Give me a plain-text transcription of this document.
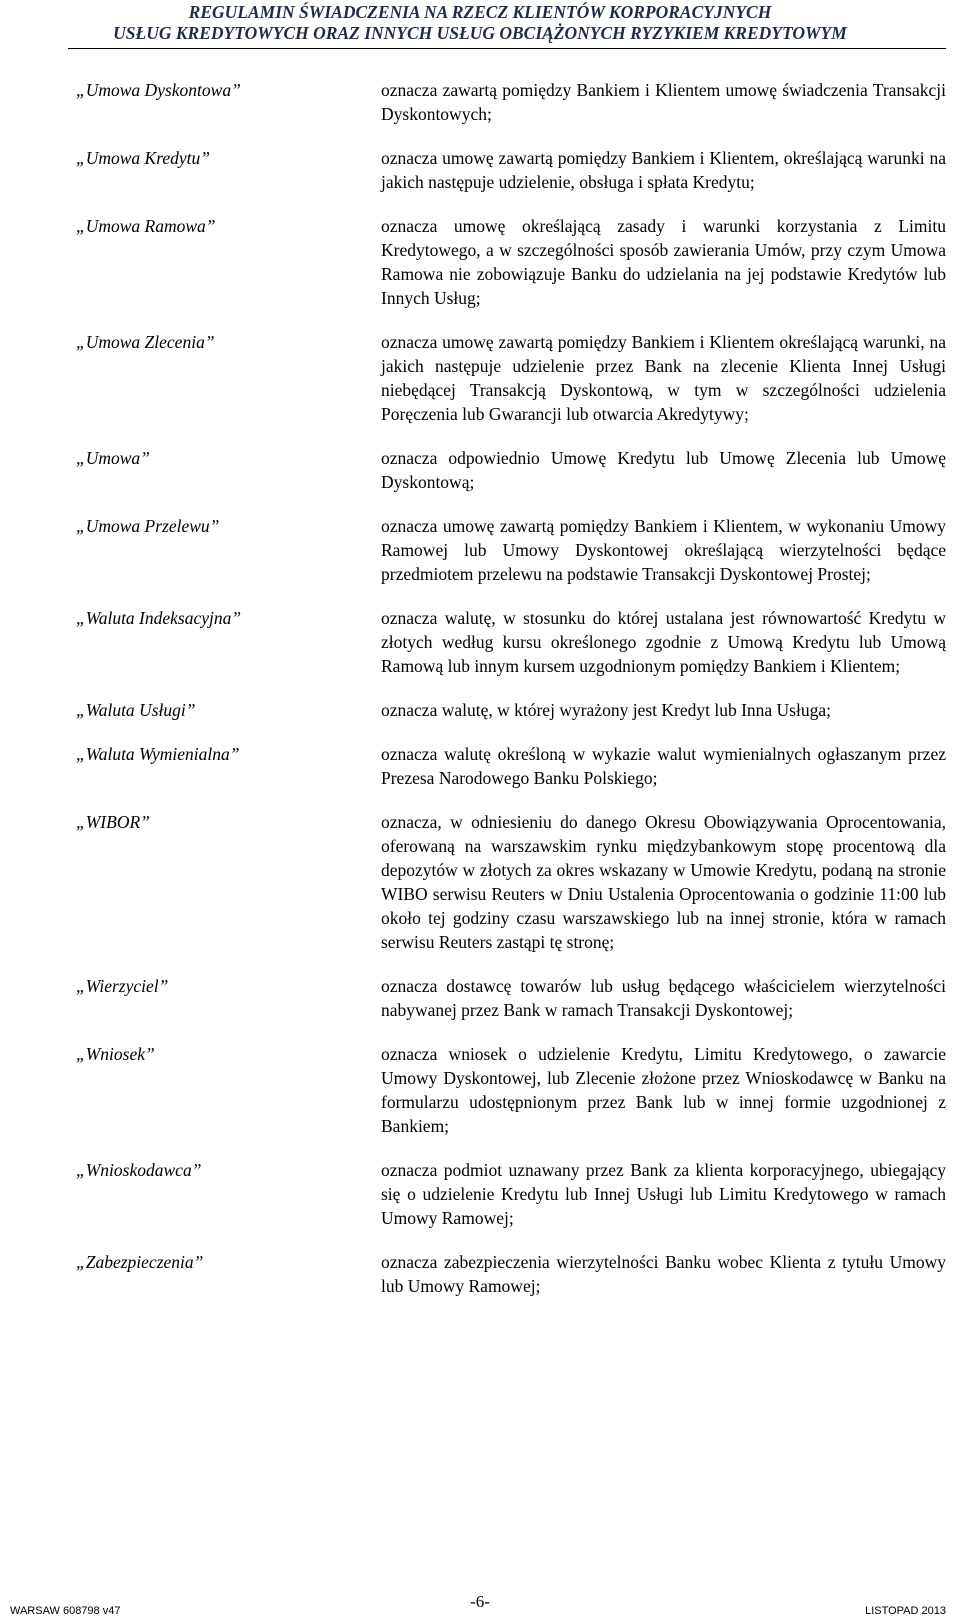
REGULAMIN ŚWIADCZENIA NA RZECZ KLIENTÓW KORPORACYJNYCH
USŁUG KREDYTOWYCH ORAZ INNYCH USŁUG OBCIĄŻONYCH RYZYKIEM KREDYTOWYM
„Umowa Dyskontowa”	oznacza zawartą pomiędzy Bankiem i Klientem umowę świadczenia Transakcji Dyskontowych;
„Umowa Kredytu”	oznacza umowę zawartą pomiędzy Bankiem i Klientem, określającą warunki na jakich następuje udzielenie, obsługa i spłata Kredytu;
„Umowa Ramowa”	oznacza umowę określającą zasady i warunki korzystania z Limitu Kredytowego, a w szczególności sposób zawierania Umów, przy czym Umowa Ramowa nie zobowiązuje Banku do udzielania na jej podstawie Kredytów lub Innych Usług;
„Umowa Zlecenia”	oznacza umowę zawartą pomiędzy Bankiem i Klientem określającą warunki, na jakich następuje udzielenie przez Bank na zlecenie Klienta Innej Usługi niebędącej Transakcją Dyskontową, w tym w szczególności udzielenia Poręczenia lub Gwarancji lub otwarcia Akredytywy;
„Umowa”	oznacza odpowiednio Umowę Kredytu lub Umowę Zlecenia lub Umowę Dyskontową;
„Umowa Przelewu”	oznacza umowę zawartą pomiędzy Bankiem i Klientem, w wykonaniu Umowy Ramowej lub Umowy Dyskontowej określającą wierzytelności będące przedmiotem przelewu na podstawie Transakcji Dyskontowej Prostej;
„Waluta Indeksacyjna”	oznacza walutę, w stosunku do której ustalana jest równowartość Kredytu w złotych według kursu określonego zgodnie z Umową Kredytu lub Umową Ramową lub innym kursem uzgodnionym pomiędzy Bankiem i Klientem;
„Waluta Usługi”	oznacza walutę, w której wyrażony jest Kredyt lub Inna Usługa;
„Waluta Wymienialna”	oznacza walutę określoną w wykazie walut wymienialnych ogłaszanym przez Prezesa Narodowego Banku Polskiego;
„WIBOR”	oznacza, w odniesieniu do danego Okresu Obowiązywania Oprocentowania, oferowaną na warszawskim rynku międzybankowym stopę procentową dla depozytów w złotych za okres wskazany w Umowie Kredytu, podaną na stronie WIBO serwisu Reuters w Dniu Ustalenia Oprocentowania o godzinie 11:00 lub około tej godziny czasu warszawskiego lub na innej stronie, która w ramach serwisu Reuters zastąpi tę stronę;
„Wierzyciel”	oznacza dostawcę towarów lub usług będącego właścicielem wierzytelności nabywanej przez Bank w ramach Transakcji Dyskontowej;
„Wniosek”	oznacza wniosek o udzielenie Kredytu, Limitu Kredytowego, o zawarcie Umowy Dyskontowej, lub Zlecenie złożone przez Wnioskodawcę w Banku na formularzu udostępnionym przez Bank lub w innej formie uzgodnionej z Bankiem;
„Wnioskodawca”	oznacza podmiot uznawany przez Bank za klienta korporacyjnego, ubiegający się o udzielenie Kredytu lub Innej Usługi lub Limitu Kredytowego w ramach Umowy Ramowej;
„Zabezpieczenia”	oznacza zabezpieczenia wierzytelności Banku wobec Klienta z tytułu Umowy lub Umowy Ramowej;
WARSAW 608798 v47	-6-	LISTOPAD 2013
